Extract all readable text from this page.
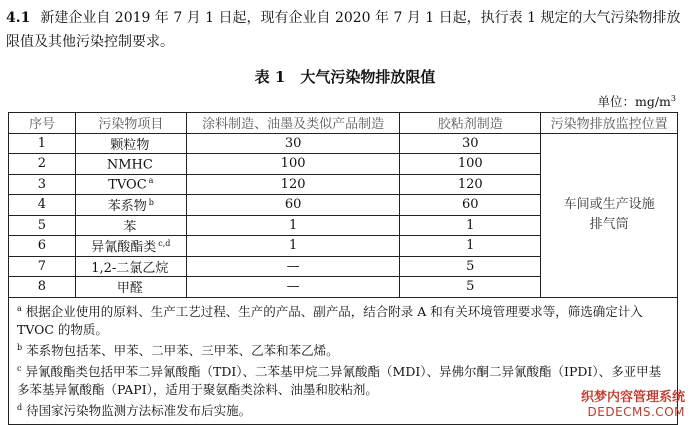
4.1 新建企业自 2019 年 7 月 1 日起，现有企业自 2020 年 7 月 1 日起，执行表 1 规定的大气污染物排放限值及其他污染控制要求。
表 1　大气污染物排放限值
单位：$mg/m^3$
序号	污染物项目	涂料制造、油墨及类似产品制造	胶粘剂制造	污染物排放监控位置
1	颗粒物	30	30	车间或生产设施
排气筒
2	NMHC	100	100	
3	TVOC $^a$	120	120	
4	苯系物 $^b$	60	60	
5	苯	1	1	
6	异氰酸酯类 $^{c,d}$	1	1	
7	1,2-二氯乙烷	—	5	
8	甲醛	—	5	

$^a$ 根据企业使用的原料、生产工艺过程、生产的产品、副产品，结合附录 A 和有关环境管理要求等，筛选确定计入 TVOC 的物质。
$^b$ 苯系物包括苯、甲苯、二甲苯、三甲苯、乙苯和苯乙烯。
$^c$ 异氰酸酯类包括甲苯二异氰酸酯（TDI）、二苯基甲烷二异氰酸酯（MDI）、异佛尔酮二异氰酸酯（IPDI）、多亚甲基多苯基异氰酸酯（PAPI），适用于聚氨酯类涂料、油墨和胶粘剂。
$^d$ 待国家污染物监测方法标准发布后实施。				
织梦内容管理系统
DEDECMS.COM
